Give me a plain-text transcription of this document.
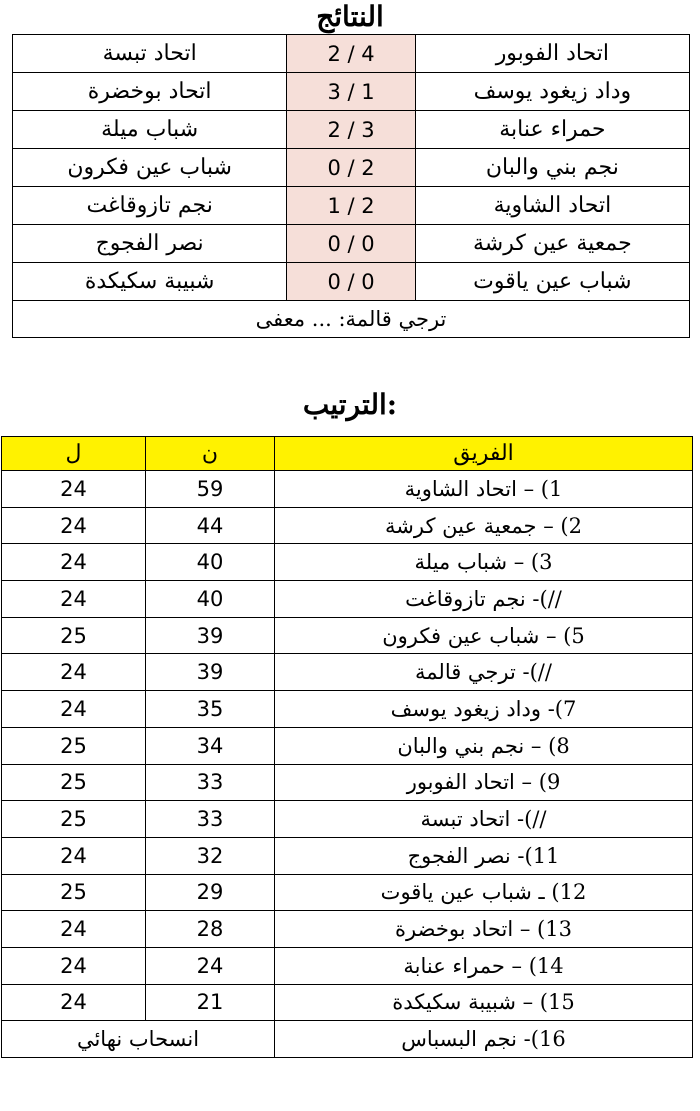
النتائج
اتحاد تبسة	2 / 4	اتحاد الفوبور
اتحاد بوخضرة	3 / 1	وداد زيغود يوسف
شباب ميلة	2 / 3	حمراء عنابة
شباب عين فكرون	0 / 2	نجم بني والبان
نجم تازوقاغت	1 / 2	اتحاد الشاوية
نصر الفجوج	0 / 0	جمعية عين كرشة
شبيبة سكيكدة	0 / 0	شباب عين ياقوت
ترجي قالمة: ... معفى		
الترتيب:
ل	ن	الفريق
24	59	1) – اتحاد الشاوية
24	44	2) – جمعية عين كرشة
24	40	3) – شباب ميلة
24	40	//)- نجم تازوقاغت
25	39	5) – شباب عين فكرون
24	39	//)- ترجي قالمة
24	35	7)- وداد زيغود يوسف
25	34	8) – نجم بني والبان
25	33	9) – اتحاد الفوبور
25	33	//)- اتحاد تبسة
24	32	11)- نصر الفجوج
25	29	12) ـ شباب عين ياقوت
24	28	13) – اتحاد بوخضرة
24	24	14) – حمراء عنابة
24	21	15) – شبيبة سكيكدة
انسحاب نهائي		16)- نجم البسباس
